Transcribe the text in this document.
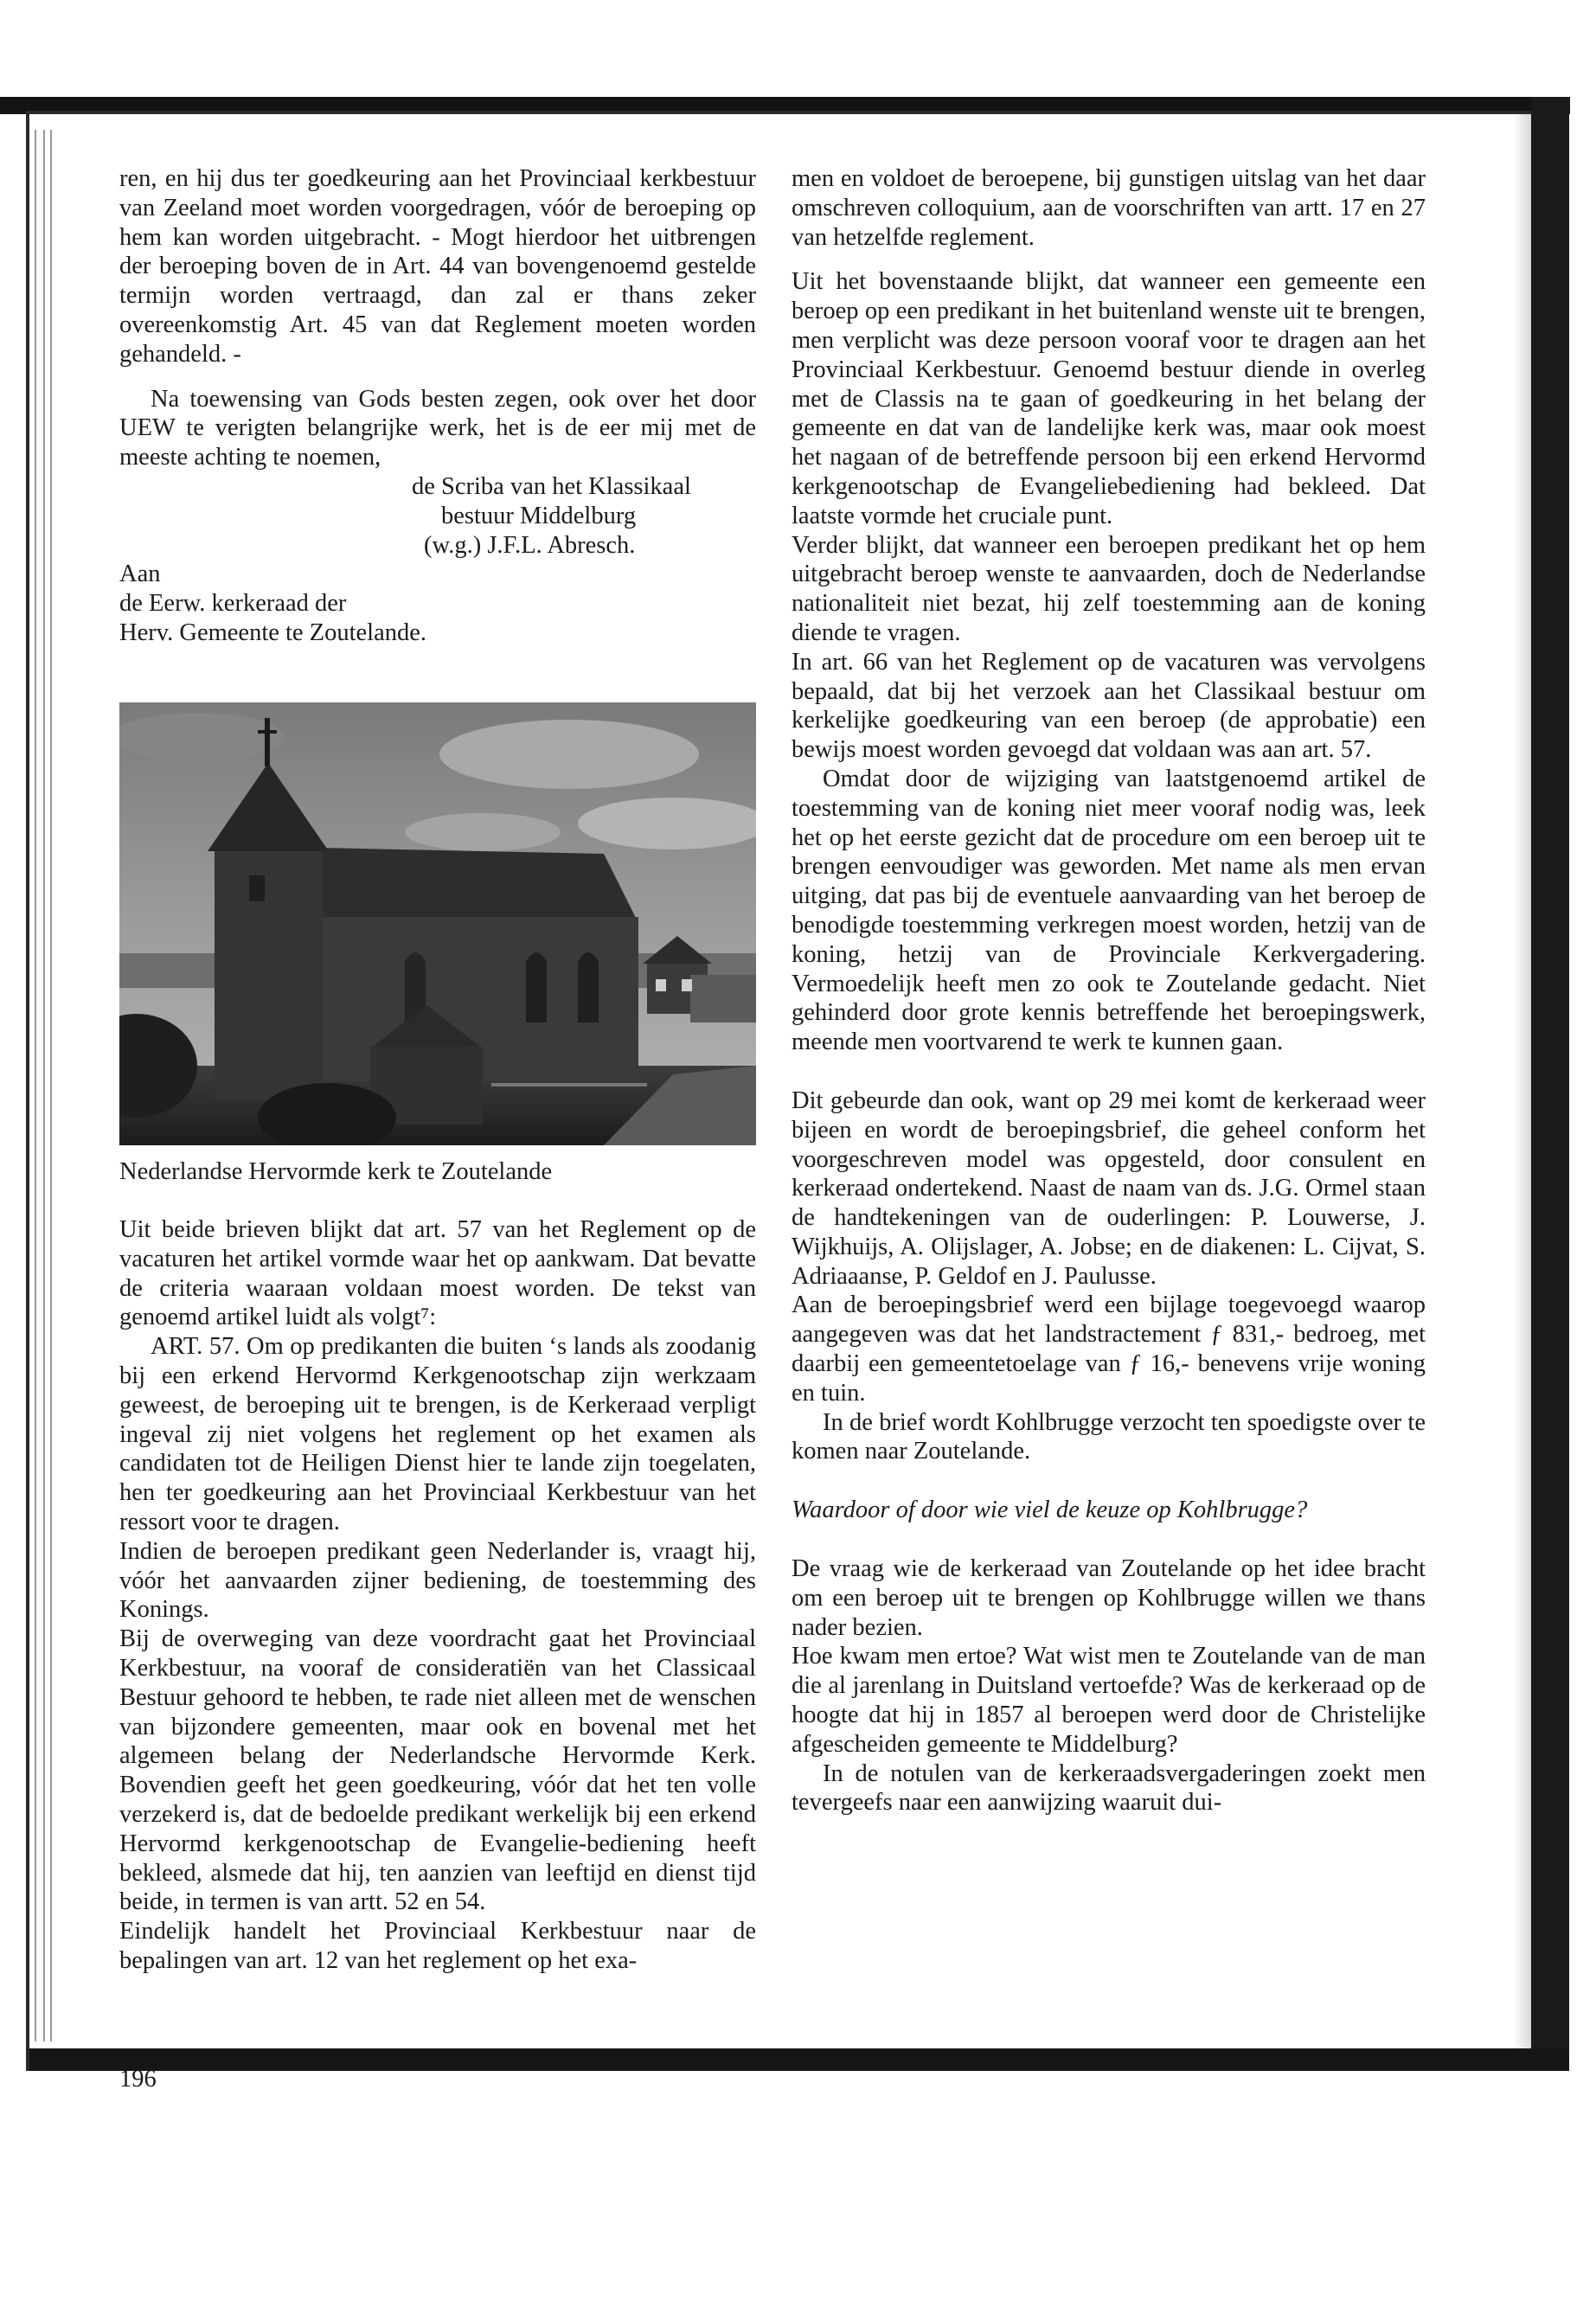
ren, en hij dus ter goedkeuring aan het Provinciaal kerkbestuur van Zeeland moet worden voorgedragen, vóór de beroeping op hem kan worden uitgebracht. - Mogt hierdoor het uitbrengen der beroeping boven de in Art. 44 van bovengenoemd gestelde termijn worden vertraagd, dan zal er thans zeker overeenkomstig Art. 45 van dat Reglement moeten worden gehandeld. -

Na toewensing van Gods besten zegen, ook over het door UEW te verigten belangrijke werk, het is de eer mij met de meeste achting te noemen,

de Scriba van het Klassikaal
bestuur Middelburg
(w.g.) J.F.L. Abresch.

Aan

de Eerw. kerkeraad der

Herv. Gemeente te Zoutelande.

Nederlandse Hervormde kerk te Zoutelande

Uit beide brieven blijkt dat art. 57 van het Reglement op de vacaturen het artikel vormde waar het op aankwam. Dat bevatte de criteria waaraan voldaan moest worden. De tekst van genoemd artikel luidt als volgt⁷:

ART. 57. Om op predikanten die buiten ‘s lands als zoodanig bij een erkend Hervormd Kerkgenootschap zijn werkzaam geweest, de beroeping uit te brengen, is de Kerkeraad verpligt ingeval zij niet volgens het reglement op het examen als candidaten tot de Heiligen Dienst hier te lande zijn toegelaten, hen ter goedkeuring aan het Provinciaal Kerkbestuur van het ressort voor te dragen.

Indien de beroepen predikant geen Nederlander is, vraagt hij, vóór het aanvaarden zijner bediening, de toestemming des Konings.

Bij de overweging van deze voordracht gaat het Provinciaal Kerkbestuur, na vooraf de consideratiën van het Classicaal Bestuur gehoord te hebben, te rade niet alleen met de wenschen van bijzondere gemeenten, maar ook en bovenal met het algemeen belang der Nederlandsche Hervormde Kerk. Bovendien geeft het geen goedkeuring, vóór dat het ten volle verzekerd is, dat de bedoelde predikant werkelijk bij een erkend Hervormd kerkgenootschap de Evangelie-bediening heeft bekleed, alsmede dat hij, ten aanzien van leeftijd en dienst tijd beide, in termen is van artt. 52 en 54.

Eindelijk handelt het Provinciaal Kerkbestuur naar de bepalingen van art. 12 van het reglement op het exa-

men en voldoet de beroepene, bij gunstigen uitslag van het daar omschreven colloquium, aan de voorschriften van artt. 17 en 27 van hetzelfde reglement.

Uit het bovenstaande blijkt, dat wanneer een gemeente een beroep op een predikant in het buitenland wenste uit te brengen, men verplicht was deze persoon vooraf voor te dragen aan het Provinciaal Kerkbestuur. Genoemd bestuur diende in overleg met de Classis na te gaan of goedkeuring in het belang der gemeente en dat van de landelijke kerk was, maar ook moest het nagaan of de betreffende persoon bij een erkend Hervormd kerkgenootschap de Evangeliebediening had bekleed. Dat laatste vormde het cruciale punt.

Verder blijkt, dat wanneer een beroepen predikant het op hem uitgebracht beroep wenste te aanvaarden, doch de Nederlandse nationaliteit niet bezat, hij zelf toestemming aan de koning diende te vragen.

In art. 66 van het Reglement op de vacaturen was vervolgens bepaald, dat bij het verzoek aan het Classikaal bestuur om kerkelijke goedkeuring van een beroep (de approbatie) een bewijs moest worden gevoegd dat voldaan was aan art. 57.

Omdat door de wijziging van laatstgenoemd artikel de toestemming van de koning niet meer vooraf nodig was, leek het op het eerste gezicht dat de procedure om een beroep uit te brengen eenvoudiger was geworden. Met name als men ervan uitging, dat pas bij de eventuele aanvaarding van het beroep de benodigde toestemming verkregen moest worden, hetzij van de koning, hetzij van de Provinciale Kerkvergadering. Vermoedelijk heeft men zo ook te Zoutelande gedacht. Niet gehinderd door grote kennis betreffende het beroepingswerk, meende men voortvarend te werk te kunnen gaan.

Dit gebeurde dan ook, want op 29 mei komt de kerkeraad weer bijeen en wordt de beroepingsbrief, die geheel conform het voorgeschreven model was opgesteld, door consulent en kerkeraad ondertekend. Naast de naam van ds. J.G. Ormel staan de handtekeningen van de ouderlingen: P. Louwerse, J. Wijkhuijs, A. Olijslager, A. Jobse; en de diakenen: L. Cijvat, S. Adriaaanse, P. Geldof en J. Paulusse.

Aan de beroepingsbrief werd een bijlage toegevoegd waarop aangegeven was dat het landstractement ƒ 831,- bedroeg, met daarbij een gemeentetoelage van ƒ 16,- benevens vrije woning en tuin.

In de brief wordt Kohlbrugge verzocht ten spoedigste over te komen naar Zoutelande.

Waardoor of door wie viel de keuze op Kohlbrugge?

De vraag wie de kerkeraad van Zoutelande op het idee bracht om een beroep uit te brengen op Kohlbrugge willen we thans nader bezien.

Hoe kwam men ertoe? Wat wist men te Zoutelande van de man die al jarenlang in Duitsland vertoefde? Was de kerkeraad op de hoogte dat hij in 1857 al beroepen werd door de Christelijke afgescheiden gemeente te Middelburg?

In de notulen van de kerkeraadsvergaderingen zoekt men tevergeefs naar een aanwijzing waaruit dui-

196
